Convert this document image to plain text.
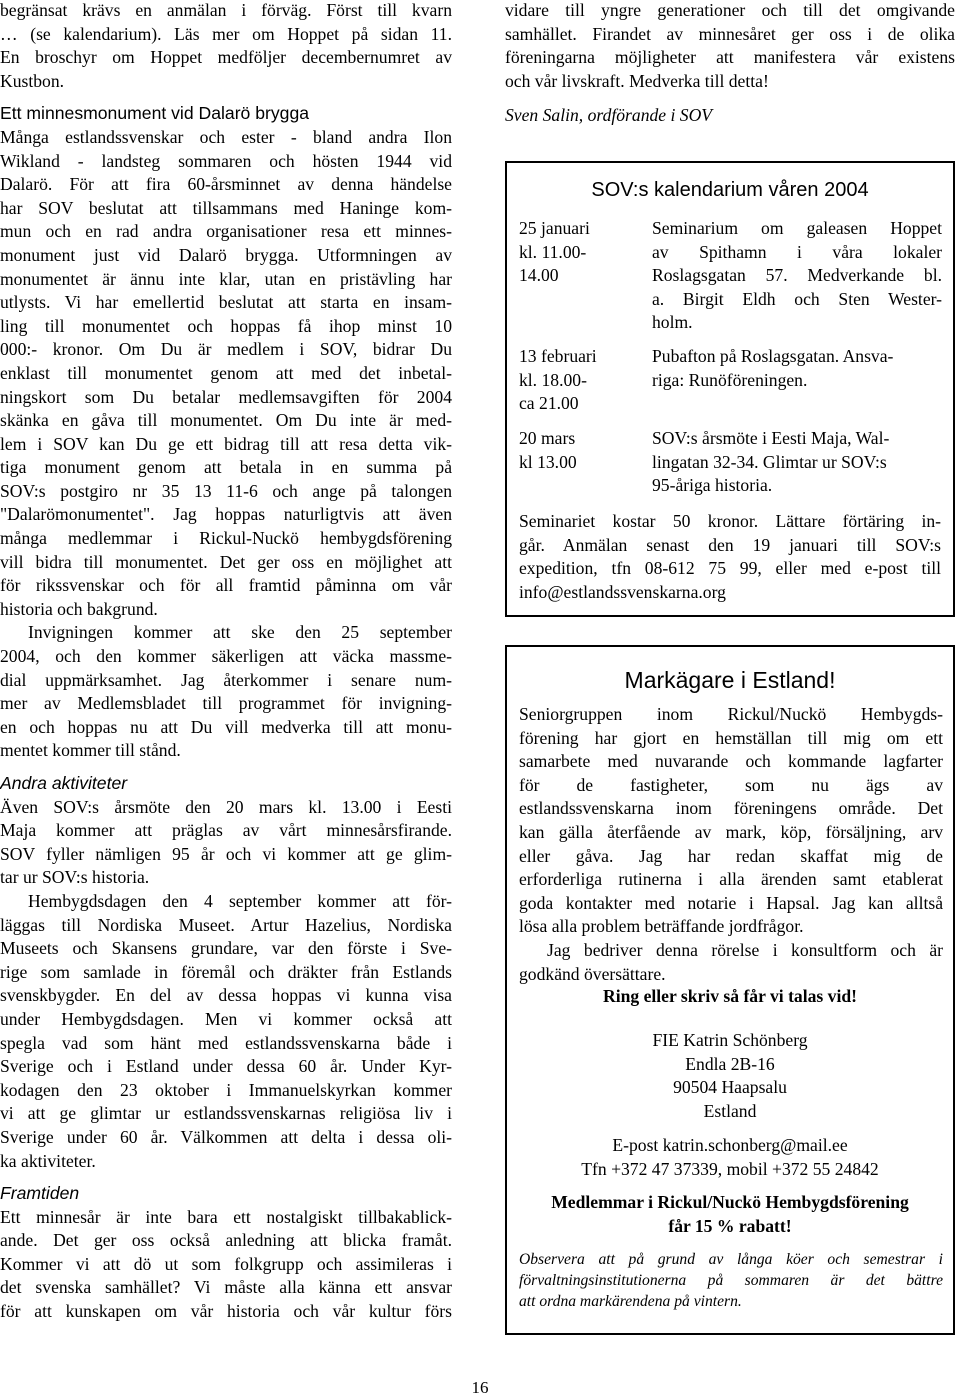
begränsat krävs en anmälan i förväg. Först till kvarn
… (se kalendarium). Läs mer om Hoppet på sidan 11.
En broschyr om Hoppet medföljer decembernumret av
Kustbon.
Ett minnesmonument vid Dalarö brygga
Många estlandssvenskar och ester - bland andra Ilon
Wikland - landsteg sommaren och hösten 1944 vid
Dalarö. För att fira 60-årsminnet av denna händelse
har SOV beslutat att tillsammans med Haninge kom-
mun och en rad andra organisationer resa ett minnes-
monument just vid Dalarö brygga. Utformningen av
monumentet är ännu inte klar, utan en pristävling har
utlysts. Vi har emellertid beslutat att starta en insam-
ling till monumentet och hoppas få ihop minst 10
000:- kronor. Om Du är medlem i SOV, bidrar Du
enklast till monumentet genom att med det inbetal-
ningskort som Du betalar medlemsavgiften för 2004
skänka en gåva till monumentet. Om Du inte är med-
lem i SOV kan Du ge ett bidrag till att resa detta vik-
tiga monument genom att betala in en summa på
SOV:s postgiro nr 35 13 11-6 och ange på talongen
"Dalarömonumentet". Jag hoppas naturligtvis att även
många medlemmar i Rickul-Nuckö hembygdsförening
vill bidra till monumentet. Det ger oss en möjlighet att
för rikssvenskar och för all framtid påminna om vår
historia och bakgrund.
Invigningen kommer att ske den 25 september
2004, och den kommer säkerligen att väcka massme-
dial uppmärksamhet. Jag återkommer i senare num-
mer av Medlemsbladet till programmet för invigning-
en och hoppas nu att Du vill medverka till att monu-
mentet kommer till stånd.
Andra aktiviteter
Även SOV:s årsmöte den 20 mars kl. 13.00 i Eesti
Maja kommer att präglas av vårt minnesårsfirande.
SOV fyller nämligen 95 år och vi kommer att ge glim-
tar ur SOV:s historia.
Hembygdsdagen den 4 september kommer att för-
läggas till Nordiska Museet. Artur Hazelius, Nordiska
Museets och Skansens grundare, var den förste i Sve-
rige som samlade in föremål och dräkter från Estlands
svenskbygder. En del av dessa hoppas vi kunna visa
under Hembygdsdagen. Men vi kommer också att
spegla vad som hänt med estlandssvenskarna både i
Sverige och i Estland under dessa 60 år. Under Kyr-
kodagen den 23 oktober i Immanuelskyrkan kommer
vi att ge glimtar ur estlandssvenskarnas religiösa liv i
Sverige under 60 år. Välkommen att delta i dessa oli-
ka aktiviteter.
Framtiden
Ett minnesår är inte bara ett nostalgiskt tillbakablick-
ande. Det ger oss också anledning att blicka framåt.
Kommer vi att dö ut som folkgrupp och assimileras i
det svenska samhället? Vi måste alla känna ett ansvar
för att kunskapen om vår historia och vår kultur förs
vidare till yngre generationer och till det omgivande
samhället. Firandet av minnesåret ger oss i de olika
föreningarna möjligheter att manifestera vår existens
och vår livskraft. Medverka till detta!
Sven Salin, ordförande i SOV
SOV:s kalendarium våren 2004
25 januari
kl. 11.00-
14.00
Seminarium om galeasen Hoppet
av Spithamn i våra lokaler
Roslagsgatan 57. Medverkande bl.
a. Birgit Eldh och Sten Wester-
holm.
13 februari
kl. 18.00-
ca 21.00
Pubafton på Roslagsgatan. Ansva-
riga: Runöföreningen.
20 mars
kl 13.00
SOV:s årsmöte i Eesti Maja, Wal-
lingatan 32-34. Glimtar ur SOV:s
95-åriga historia.
Seminariet kostar 50 kronor. Lättare förtäring in-
går. Anmälan senast den 19 januari till SOV:s
expedition, tfn 08-612 75 99, eller med e-post till
info@estlandssvenskarna.org
Markägare i Estland!
Seniorgruppen inom Rickul/Nuckö Hembygds-
förening har gjort en hemställan till mig om ett
samarbete med nuvarande och kommande lagfarter
för de fastigheter, som nu ägs av
estlandssvenskarna inom föreningens område. Det
kan gälla återfående av mark, köp, försäljning, arv
eller gåva. Jag har redan skaffat mig de
erforderliga rutinerna i alla ärenden samt etablerat
goda kontakter med notarie i Hapsal. Jag kan alltså
lösa alla problem beträffande jordfrågor.
Jag bedriver denna rörelse i konsultform och är
godkänd översättare.
Ring eller skriv så får vi talas vid!
FIE Katrin Schönberg
Endla 2B-16
90504 Haapsalu
Estland
E-post katrin.schonberg@mail.ee
Tfn +372 47 37339, mobil +372 55 24842
Medlemmar i Rickul/Nuckö Hembygdsförening
får 15 % rabatt!
Observera att på grund av långa köer och semestrar i
förvaltningsinstitutionerna på sommaren är det bättre
att ordna markärendena på vintern.
16
